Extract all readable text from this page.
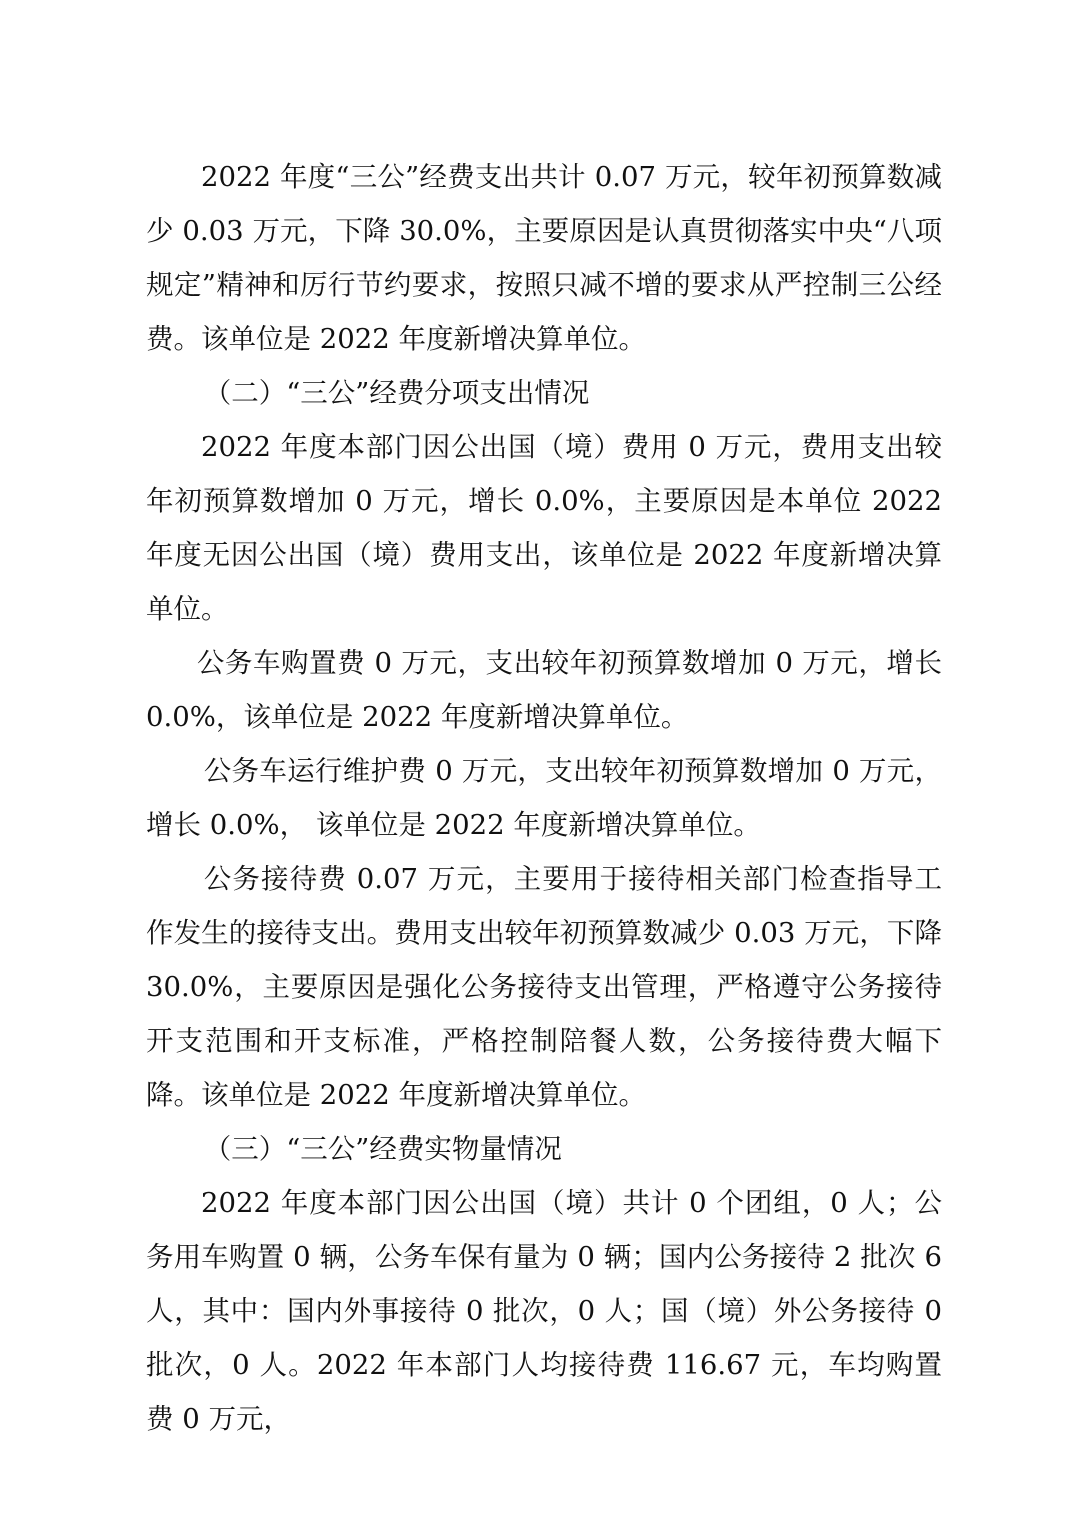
2022 年度“三公”经费支出共计 0.07 万元，较年初预算数减少 0.03 万元，下降 30.0%，主要原因是认真贯彻落实中央“八项规定”精神和厉行节约要求，按照只减不增的要求从严控制三公经费。该单位是 2022 年度新增决算单位。

（二）“三公”经费分项支出情况

2022 年度本部门因公出国（境）费用 0 万元，费用支出较年初预算数增加 0 万元，增长 0.0%，主要原因是本单位 2022 年度无因公出国（境）费用支出，该单位是 2022 年度新增决算单位。

公务车购置费 0 万元，支出较年初预算数增加 0 万元，增长 0.0%，该单位是 2022 年度新增决算单位。

公务车运行维护费 0 万元，支出较年初预算数增加 0 万元，增长 0.0%， 该单位是 2022 年度新增决算单位。

公务接待费 0.07 万元，主要用于接待相关部门检查指导工作发生的接待支出。费用支出较年初预算数减少 0.03 万元，下降 30.0%，主要原因是强化公务接待支出管理，严格遵守公务接待开支范围和开支标准，严格控制陪餐人数，公务接待费大幅下降。该单位是 2022 年度新增决算单位。

（三）“三公”经费实物量情况

2022 年度本部门因公出国（境）共计 0 个团组，0 人；公务用车购置 0 辆，公务车保有量为 0 辆；国内公务接待 2 批次 6 人，其中：国内外事接待 0 批次，0 人；国（境）外公务接待 0 批次，0 人。2022 年本部门人均接待费 116.67 元，车均购置费 0 万元，
